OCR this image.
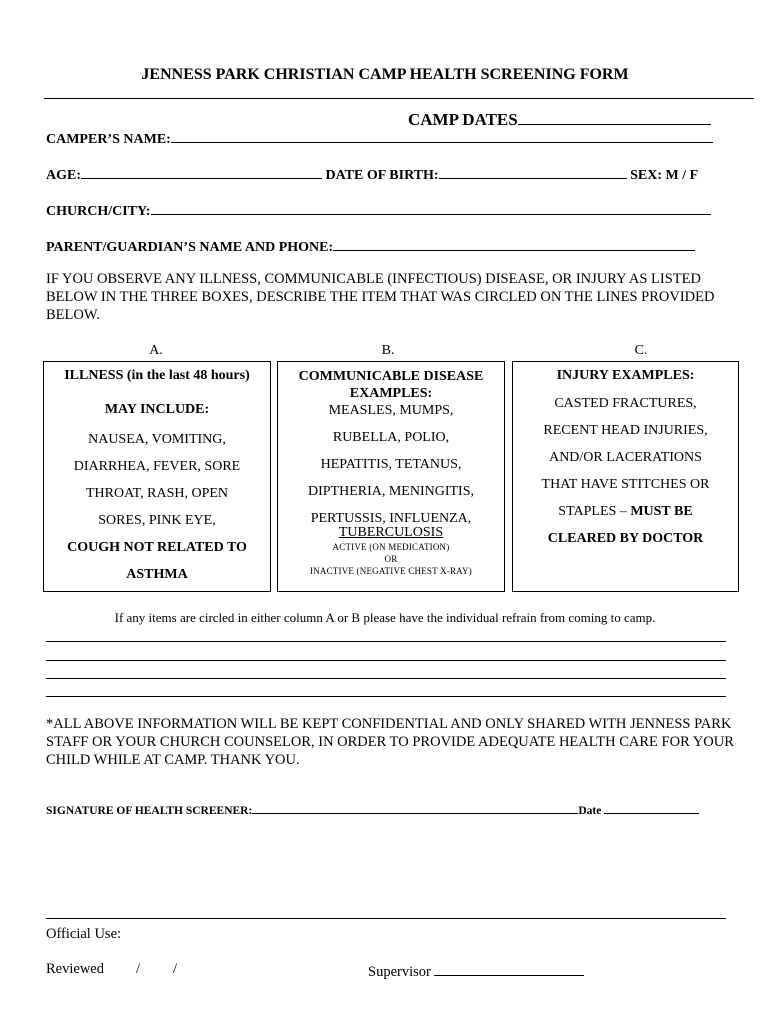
JENNESS PARK CHRISTIAN CAMP HEALTH SCREENING FORM
CAMP DATES
CAMPER’S NAME:
AGE:	DATE OF BIRTH:	SEX: M / F
CHURCH/CITY:
PARENT/GUARDIAN’S NAME AND PHONE:
IF YOU OBSERVE ANY ILLNESS, COMMUNICABLE (INFECTIOUS) DISEASE, OR INJURY AS LISTED BELOW IN THE THREE BOXES, DESCRIBE THE ITEM THAT WAS CIRCLED ON THE LINES PROVIDED BELOW.
A.	B.	C.

ILLNESS (in the last 48 hours)

MAY INCLUDE:

NAUSEA, VOMITING,

DIARRHEA, FEVER, SORE

THROAT, RASH, OPEN

SORES, PINK EYE,

COUGH NOT RELATED TO

ASTHMA

COMMUNICABLE DISEASE

EXAMPLES:

MEASLES, MUMPS,

RUBELLA, POLIO,

HEPATITIS, TETANUS,

DIPTHERIA, MENINGITIS,

PERTUSSIS, INFLUENZA,

TUBERCULOSIS

ACTIVE (ON MEDICATION)

OR

INACTIVE (NEGATIVE CHEST X-RAY)

INJURY EXAMPLES:

CASTED FRACTURES,

RECENT HEAD INJURIES,

AND/OR LACERATIONS

THAT HAVE STITCHES OR

STAPLES – MUST BE

CLEARED BY DOCTOR

If any items are circled in either column A or B please have the individual refrain from coming to camp.
*ALL ABOVE INFORMATION WILL BE KEPT CONFIDENTIAL AND ONLY SHARED WITH JENNESS PARK STAFF OR YOUR CHURCH COUNSELOR, IN ORDER TO PROVIDE ADEQUATE HEALTH CARE FOR YOUR CHILD WHILE AT CAMP. THANK YOU.
SIGNATURE OF HEALTH SCREENER:	Date
Official Use:
Reviewed / /	Supervisor
